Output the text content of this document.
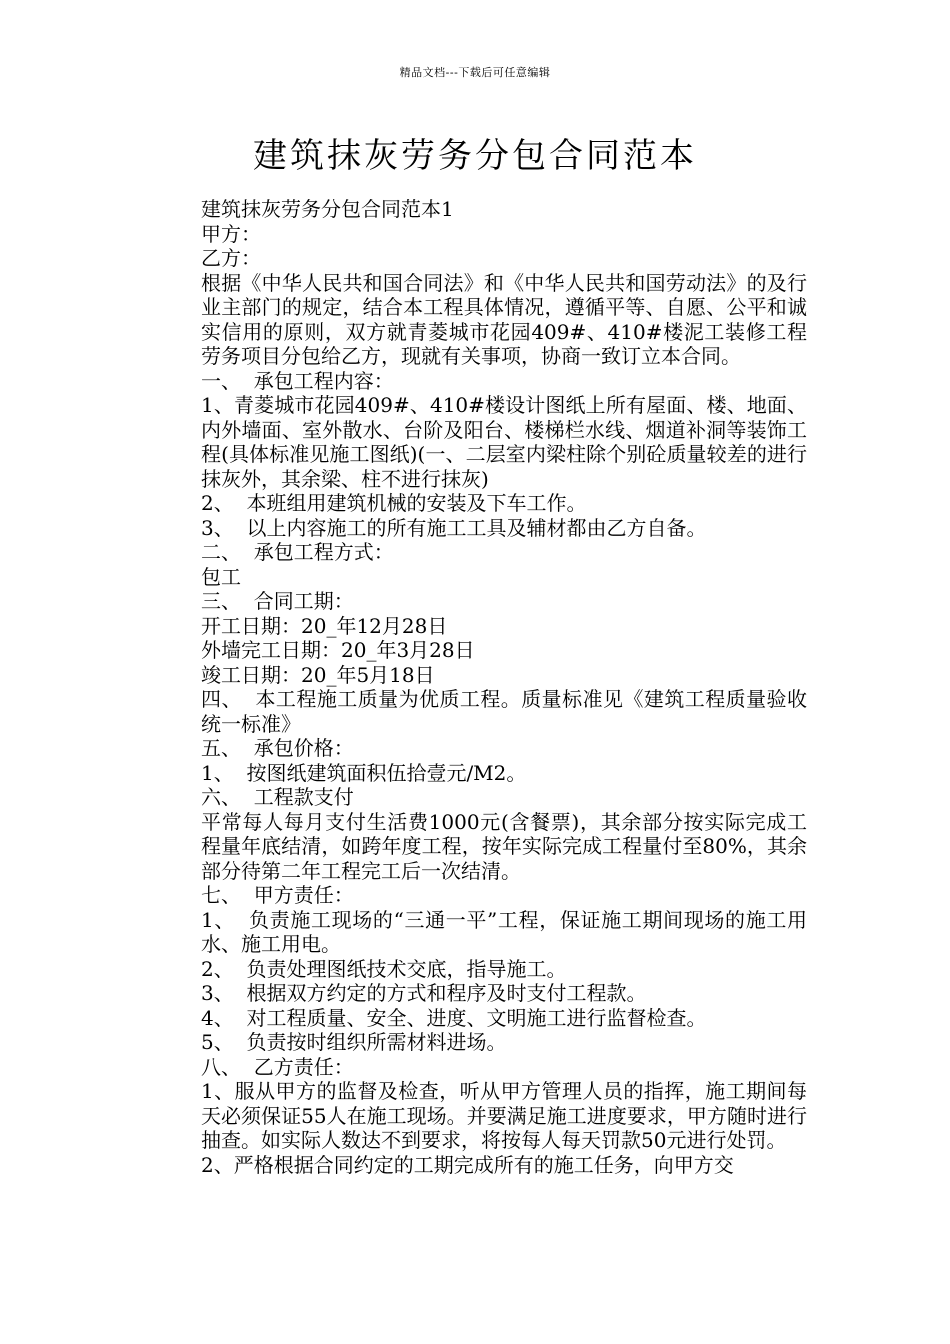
精品文档---下载后可任意编辑
建筑抹灰劳务分包合同范本

建筑抹灰劳务分包合同范本1

甲方：

乙方：

根据《中华人民共和国合同法》和《中华人民共和国劳动法》的及行业主部门的规定，结合本工程具体情况，遵循平等、自愿、公平和诚实信用的原则，双方就青菱城市花园409#、410#楼泥工装修工程劳务项目分包给乙方，现就有关事项，协商一致订立本合同。

一、  承包工程内容：

1、青菱城市花园409#、410#楼设计图纸上所有屋面、楼、地面、内外墙面、室外散水、台阶及阳台、楼梯栏水线、烟道补洞等装饰工程(具体标准见施工图纸)(一、二层室内梁柱除个别砼质量较差的进行抹灰外，其余梁、柱不进行抹灰)

2、  本班组用建筑机械的安装及下车工作。

3、  以上内容施工的所有施工工具及辅材都由乙方自备。

二、  承包工程方式：

包工

三、  合同工期：

开工日期：20_年12月28日

外墙完工日期：20_年3月28日

竣工日期：20_年5月18日

四、  本工程施工质量为优质工程。质量标准见《建筑工程质量验收统一标准》

五、  承包价格：

1、  按图纸建筑面积伍拾壹元/M2。

六、  工程款支付

平常每人每月支付生活费1000元(含餐票)，其余部分按实际完成工程量年底结清，如跨年度工程，按年实际完成工程量付至80%，其余部分待第二年工程完工后一次结清。

七、  甲方责任：

1、  负责施工现场的“三通一平”工程，保证施工期间现场的施工用水、施工用电。

2、  负责处理图纸技术交底，指导施工。

3、  根据双方约定的方式和程序及时支付工程款。

4、  对工程质量、安全、进度、文明施工进行监督检查。

5、  负责按时组织所需材料进场。

八、  乙方责任：

1、服从甲方的监督及检查，听从甲方管理人员的指挥，施工期间每天必须保证55人在施工现场。并要满足施工进度要求，甲方随时进行抽查。如实际人数达不到要求，将按每人每天罚款50元进行处罚。

2、严格根据合同约定的工期完成所有的施工任务，向甲方交
